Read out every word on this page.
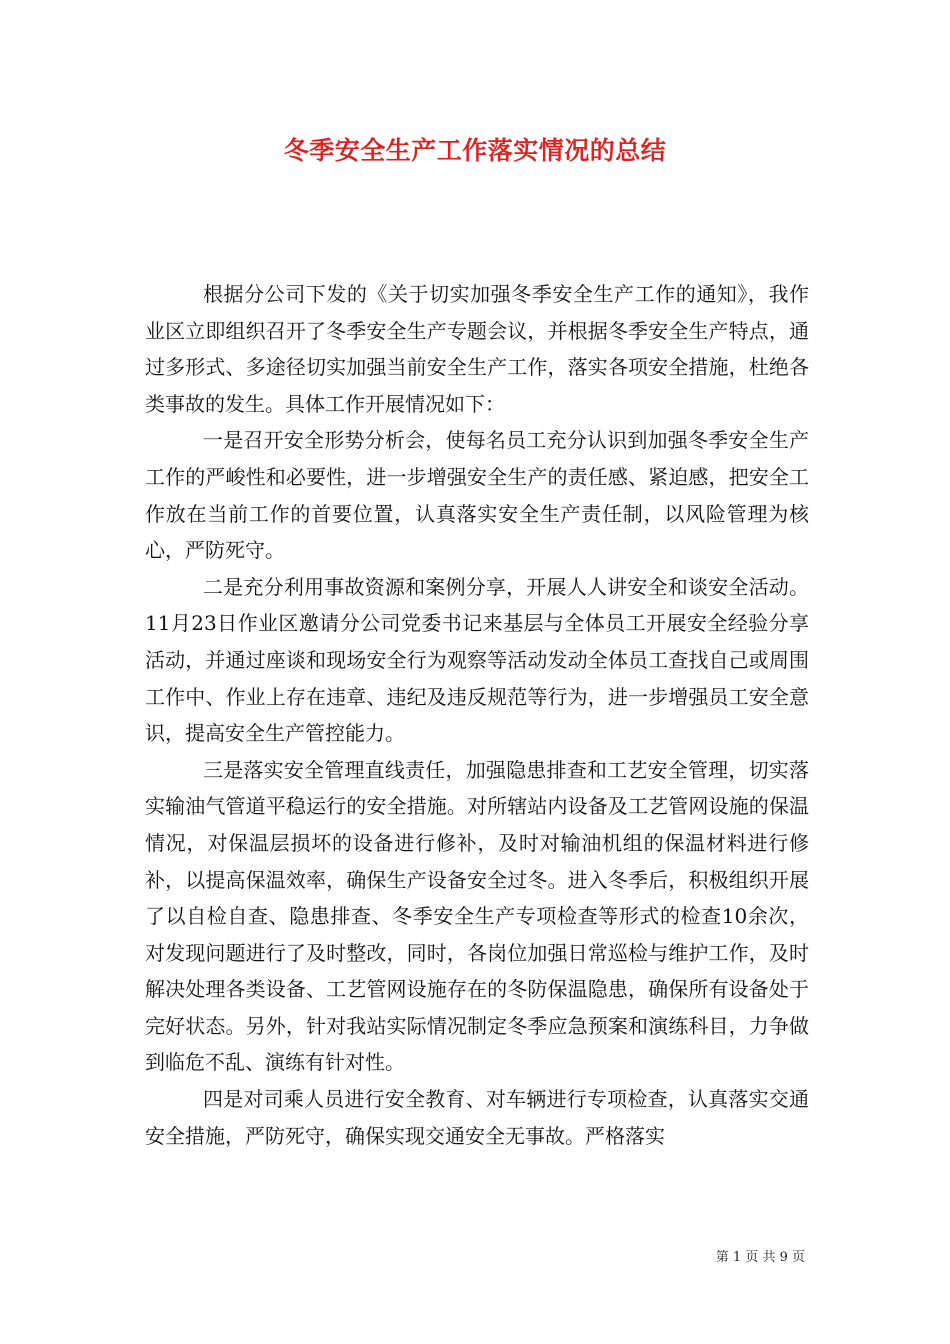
冬季安全生产工作落实情况的总结

根据分公司下发的《关于切实加强冬季安全生产工作的通知》，我作业区立即组织召开了冬季安全生产专题会议，并根据冬季安全生产特点，通过多形式、多途径切实加强当前安全生产工作，落实各项安全措施，杜绝各类事故的发生。具体工作开展情况如下：

一是召开安全形势分析会，使每名员工充分认识到加强冬季安全生产工作的严峻性和必要性，进一步增强安全生产的责任感、紧迫感，把安全工作放在当前工作的首要位置，认真落实安全生产责任制，以风险管理为核心，严防死守。

二是充分利用事故资源和案例分享，开展人人讲安全和谈安全活动。11月23日作业区邀请分公司党委书记来基层与全体员工开展安全经验分享活动，并通过座谈和现场安全行为观察等活动发动全体员工查找自己或周围工作中、作业上存在违章、违纪及违反规范等行为，进一步增强员工安全意识，提高安全生产管控能力。

三是落实安全管理直线责任，加强隐患排查和工艺安全管理，切实落实输油气管道平稳运行的安全措施。对所辖站内设备及工艺管网设施的保温情况，对保温层损坏的设备进行修补，及时对输油机组的保温材料进行修补，以提高保温效率，确保生产设备安全过冬。进入冬季后，积极组织开展了以自检自查、隐患排查、冬季安全生产专项检查等形式的检查10余次，对发现问题进行了及时整改，同时，各岗位加强日常巡检与维护工作，及时解决处理各类设备、工艺管网设施存在的冬防保温隐患，确保所有设备处于完好状态。另外，针对我站实际情况制定冬季应急预案和演练科目，力争做到临危不乱、演练有针对性。

四是对司乘人员进行安全教育、对车辆进行专项检查，认真落实交通安全措施，严防死守，确保实现交通安全无事故。严格落实

第 1 页 共 9 页
